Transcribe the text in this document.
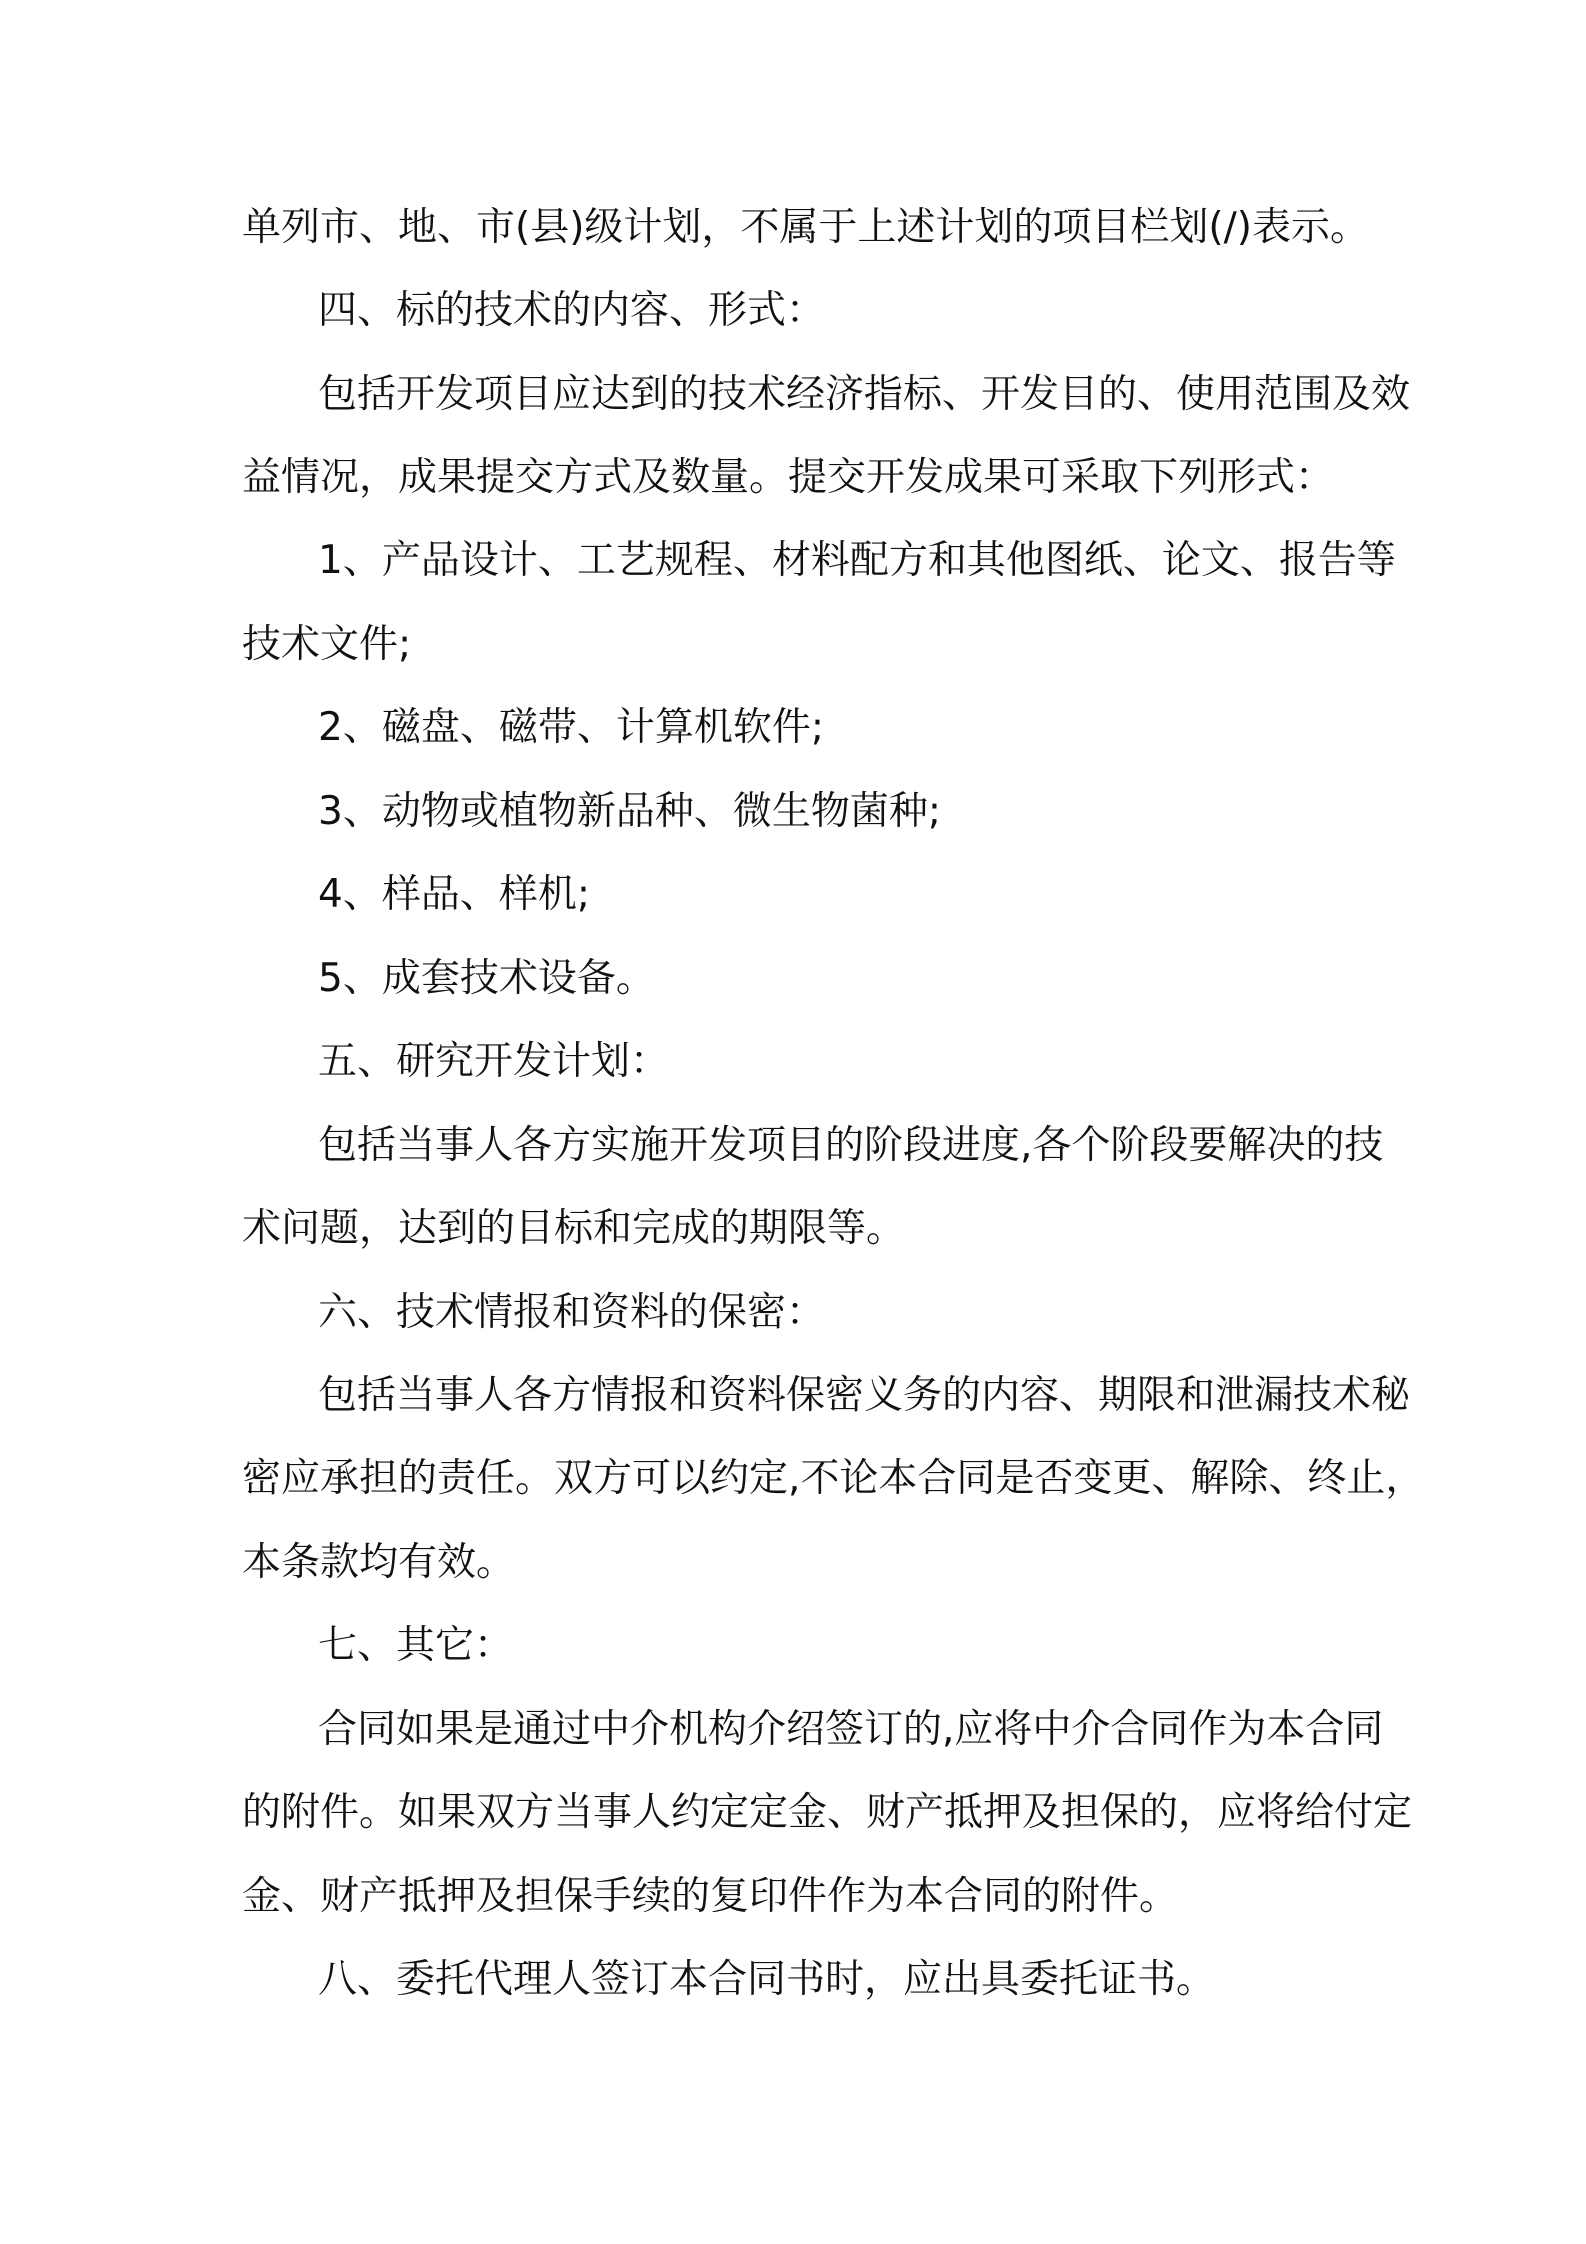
单列市、地、市(县)级计划，不属于上述计划的项目栏划(/)表示。
四、标的技术的内容、形式：
包括开发项目应达到的技术经济指标、开发目的、使用范围及效
益情况，成果提交方式及数量。提交开发成果可采取下列形式：
1、产品设计、工艺规程、材料配方和其他图纸、论文、报告等
技术文件;
2、磁盘、磁带、计算机软件;
3、动物或植物新品种、微生物菌种;
4、样品、样机;
5、成套技术设备。
五、研究开发计划：
包括当事人各方实施开发项目的阶段进度,各个阶段要解决的技
术问题，达到的目标和完成的期限等。
六、技术情报和资料的保密：
包括当事人各方情报和资料保密义务的内容、期限和泄漏技术秘
密应承担的责任。双方可以约定,不论本合同是否变更、解除、终止，
本条款均有效。
七、其它：
合同如果是通过中介机构介绍签订的,应将中介合同作为本合同
的附件。如果双方当事人约定定金、财产抵押及担保的，应将给付定
金、财产抵押及担保手续的复印件作为本合同的附件。
八、委托代理人签订本合同书时，应出具委托证书。
